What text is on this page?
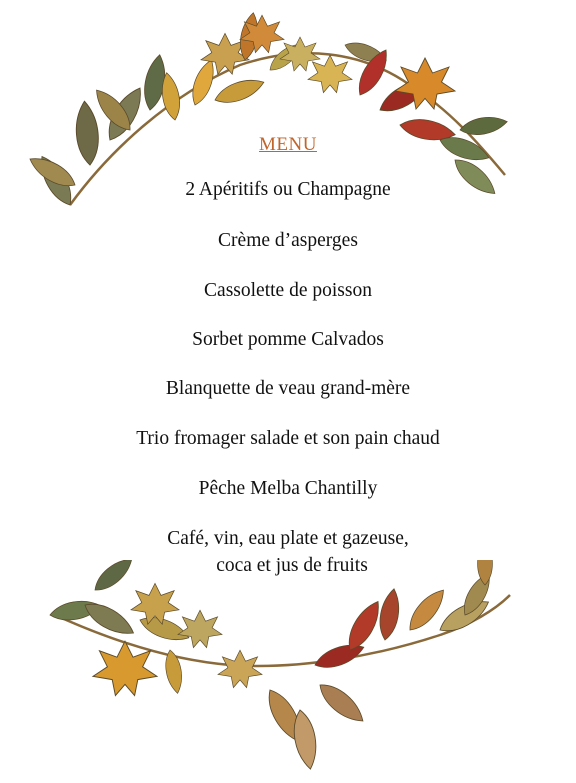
MENU
2 Apéritifs ou Champagne
Crème d’asperges
Cassolette de poisson
Sorbet pomme Calvados
Blanquette de veau grand-mère
Trio fromager salade et son pain chaud
Pêche Melba Chantilly
Café, vin, eau plate et gazeuse,
coca et jus de fruits
